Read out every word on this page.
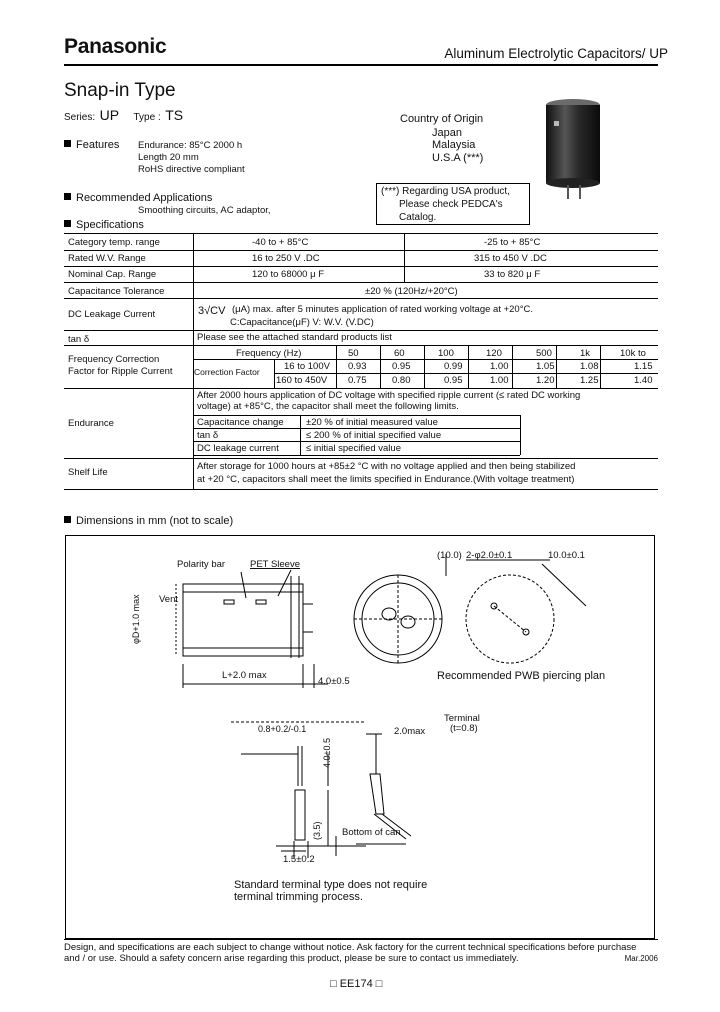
Panasonic	Aluminum Electrolytic Capacitors/ UP
Snap-in Type
Series: UP Type : TS	Country of Origin
Japan
Malaysia
U.S.A (***)
Features Endurance: 85°C 2000 h
Length 20 mm
RoHS directive compliant
(***) Regarding USA product,
Please check PEDCA's
Catalog.
Recommended Applications
Smoothing circuits, AC adaptor,
Specifications
Category temp. range	-40 to + 85°C	-25 to + 85°C
Rated W.V. Range	16 to 250 V .DC	315 to 450 V .DC
Nominal Cap. Range	120 to 68000 μ F	33 to 820 μ F
Capacitance Tolerance	±20 % (120Hz/+20°C)
DC Leakage Current	3√CV (μA) max. after 5 minutes application of rated working voltage at +20°C.
C:Capacitance(μF) V: W.V. (V.DC)
tan δ	Please see the attached standard products list
Frequency Correction
Factor for Ripple Current
Frequency (Hz)	50	60	100	120	500	1k	10k to
Correction Factor	16 to 100V 0.93	0.95	0.99	1.00	1.05	1.08	1.15
160 to 450V 0.75	0.80	0.95	1.00	1.20	1.25	1.40
Endurance
After 2000 hours application of DC voltage with specified ripple current (≤ rated DC working
voltage) at +85°C, the capacitor shall meet the following limits.
Capacitance change ±20 % of initial measured value
tan δ	≤ 200 % of initial specified value
DC leakage current	≤ initial specified value
Shelf Life
After storage for 1000 hours at +85±2 °C with no voltage applied and then being stabilized
at +20 °C, capacitors shall meet the limits specified in Endurance.(With voltage treatment)
Dimensions in mm (not to scale)
Polarity bar	PET Sleeve
Vent
φD+1.0 max
L+2.0 max
4.0±0.5
(10.0) 2-φ2.0±0.1	10.0±0.1
Recommended PWB piercing plan
Terminal
(t=0.8)
0.8+0.2/-0.1	2.0max
4.0±0.5
(3.5) Bottom of can
1.5±0.2
Standard terminal type does not require
terminal trimming process.
Design, and specifications are each subject to change without notice. Ask factory for the current technical specifications before purchase
and / or use. Should a safety concern arise regarding this product, please be sure to contact us immediately.	Mar.2006
□ EE174 □
